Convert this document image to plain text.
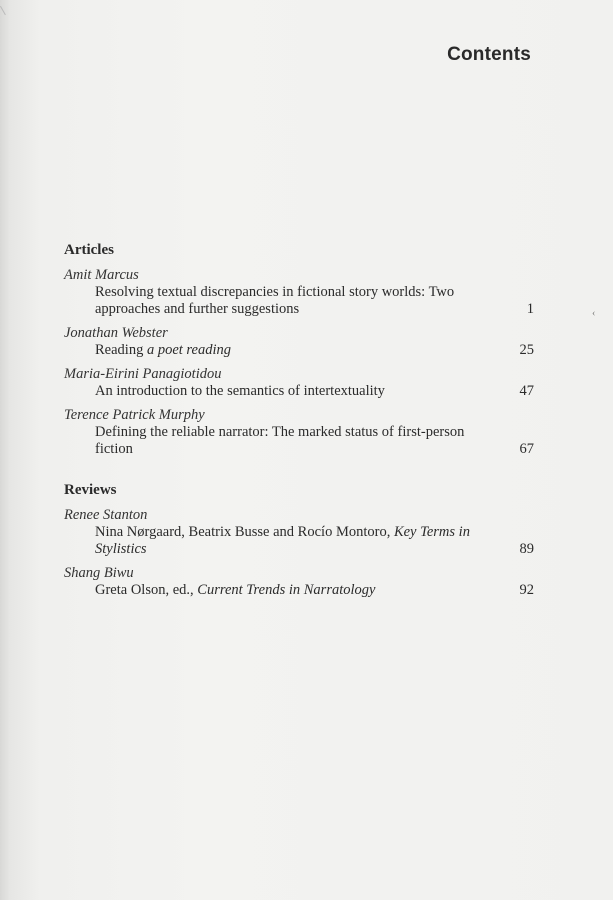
Contents
Articles
Amit Marcus
Resolving textual discrepancies in fictional story worlds: Two approaches and further suggestions	1
Jonathan Webster
Reading a poet reading	25
Maria-Eirini Panagiotidou
An introduction to the semantics of intertextuality	47
Terence Patrick Murphy
Defining the reliable narrator: The marked status of first-person fiction	67
Reviews
Renee Stanton
Nina Nørgaard, Beatrix Busse and Rocío Montoro, Key Terms in Stylistics	89
Shang Biwu
Greta Olson, ed., Current Trends in Narratology	92
‹
